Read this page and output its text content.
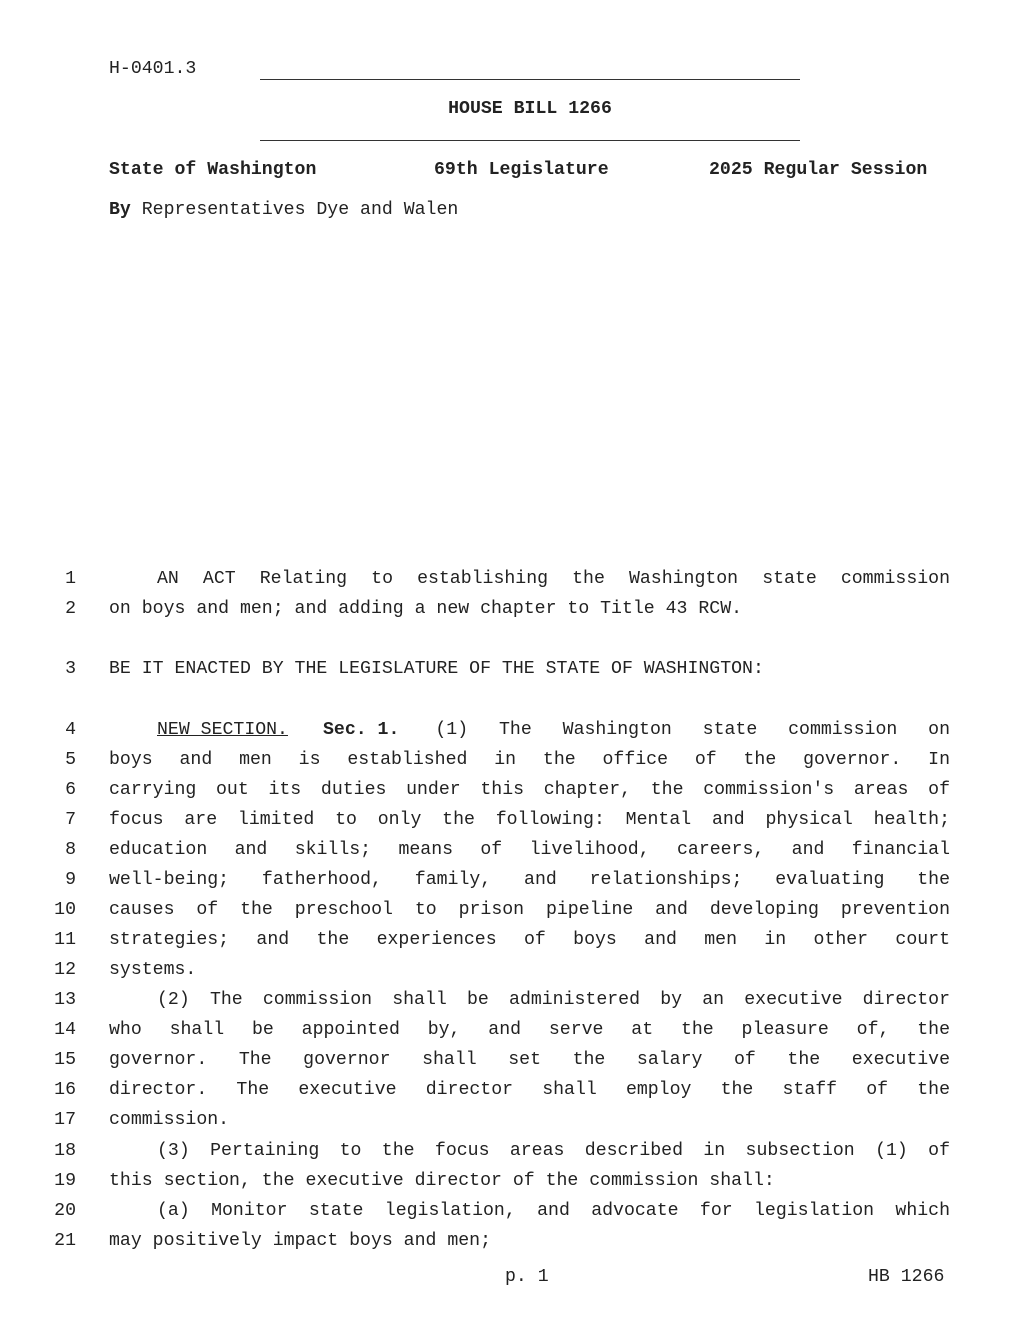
H-0401.3
HOUSE BILL 1266
State of Washington	69th Legislature	2025 Regular Session
By Representatives Dye and Walen
1
2
3
4
5
6
7
8
9
10
11
12
13
14
15
16
17
18
19
20
21
AN ACT Relating to establishing the Washington state commission
on boys and men; and adding a new chapter to Title 43 RCW.
BE IT ENACTED BY THE LEGISLATURE OF THE STATE OF WASHINGTON:
NEW SECTION. Sec. 1. (1) The Washington state commission on
boys and men is established in the office of the governor. In
carrying out its duties under this chapter, the commission's areas of
focus are limited to only the following: Mental and physical health;
education and skills; means of livelihood, careers, and financial
well-being; fatherhood, family, and relationships; evaluating the
causes of the preschool to prison pipeline and developing prevention
strategies; and the experiences of boys and men in other court
systems.
(2) The commission shall be administered by an executive director
who shall be appointed by, and serve at the pleasure of, the
governor. The governor shall set the salary of the executive
director. The executive director shall employ the staff of the
commission.
(3) Pertaining to the focus areas described in subsection (1) of
this section, the executive director of the commission shall:
(a) Monitor state legislation, and advocate for legislation which
may positively impact boys and men;
p. 1	HB 1266
